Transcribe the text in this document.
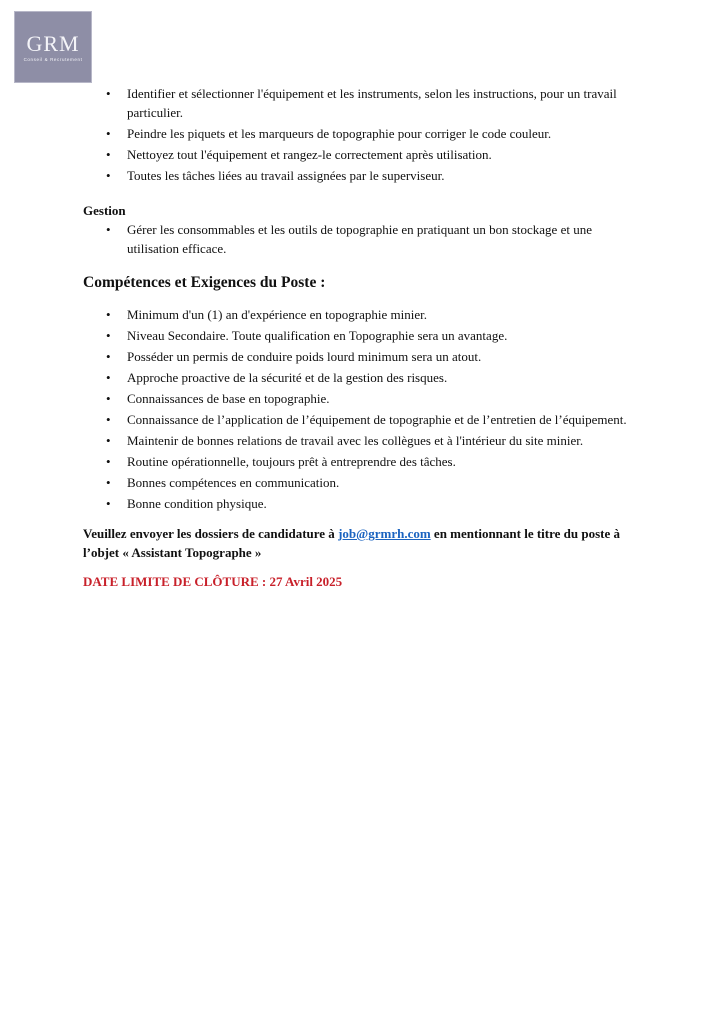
GRM
Conseil & Recrutement
• Identifier et sélectionner l'équipement et les instruments, selon les instructions, pour un travail particulier.
• Peindre les piquets et les marqueurs de topographie pour corriger le code couleur.
• Nettoyez tout l'équipement et rangez-le correctement après utilisation.
• Toutes les tâches liées au travail assignées par le superviseur.
Gestion
• Gérer les consommables et les outils de topographie en pratiquant un bon stockage et une utilisation efficace.
Compétences et Exigences du Poste :
• Minimum d'un (1) an d'expérience en topographie minier.
• Niveau Secondaire. Toute qualification en Topographie sera un avantage.
• Posséder un permis de conduire poids lourd minimum sera un atout.
• Approche proactive de la sécurité et de la gestion des risques.
• Connaissances de base en topographie.
• Connaissance de l’application de l’équipement de topographie et de l’entretien de l’équipement.
• Maintenir de bonnes relations de travail avec les collègues et à l'intérieur du site minier.
• Routine opérationnelle, toujours prêt à entreprendre des tâches.
• Bonnes compétences en communication.
• Bonne condition physique.
Veuillez envoyer les dossiers de candidature à job@grmrh.com en mentionnant le titre du poste à l’objet « Assistant Topographe »
DATE LIMITE DE CLÔTURE : 27 Avril 2025
